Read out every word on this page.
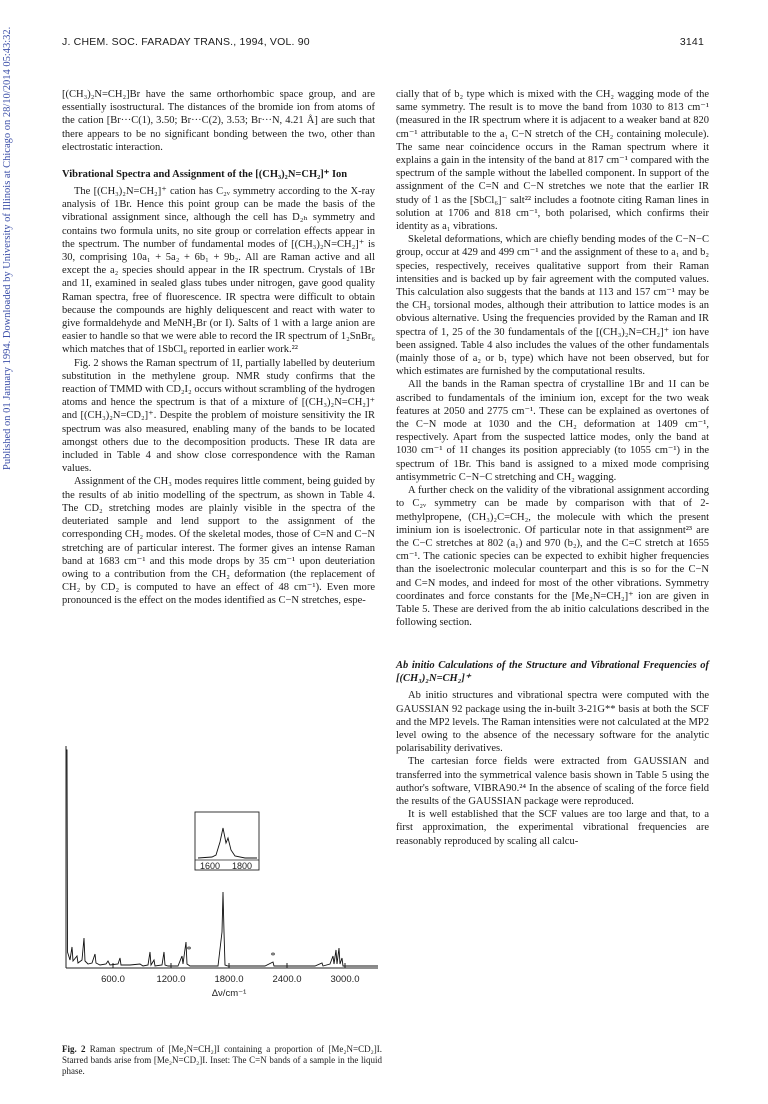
J. CHEM. SOC. FARADAY TRANS., 1994, VOL. 90	3141
Published on 01 January 1994. Downloaded by University of Illinois at Chicago on 28/10/2014 05:43:32.	[(CH₃)₂N=CH₂]Br have the same orthorhombic space group, and are essentially isostructural. The distances of the bromide ion from atoms of the cation [Br···C(1), 3.50; Br···C(2), 3.53; Br···N, 4.21 Å] are such that there appears to be no significant bonding between the two, other than electrostatic interaction.

Vibrational Spectra and Assignment of the [(CH₃)₂N=CH₂]⁺ Ion

The [(CH₃)₂N=CH₂]⁺ cation has C₂ᵥ symmetry according to the X-ray analysis of 1Br. Hence this point group can be made the basis of the vibrational assignment since, although the cell has D₂ₕ symmetry and contains two formula units, no site group or correlation effects appear in the spectrum. The number of fundamental modes of [(CH₃)₂N=CH₂]⁺ is 30, comprising 10a₁ + 5a₂ + 6b₁ + 9b₂. All are Raman active and all except the a₂ species should appear in the IR spectrum. Crystals of 1Br and 1I, examined in sealed glass tubes under nitrogen, gave good quality Raman spectra, free of fluorescence. IR spectra were difficult to obtain because the compounds are highly deliquescent and react with water to give formaldehyde and MeNH₂Br (or I). Salts of 1 with a large anion are easier to handle so that we were able to record the IR spectrum of 1₂SnBr₆ which matches that of 1SbCl₆ reported in earlier work.²²

Fig. 2 shows the Raman spectrum of 1I, partially labelled by deuterium substitution in the methylene group. NMR study confirms that the reaction of TMMD with CD₂I₂ occurs without scrambling of the hydrogen atoms and hence the spectrum is that of a mixture of [(CH₃)₂N=CH₂]⁺ and [(CH₃)₂N=CD₂]⁺. Despite the problem of moisture sensitivity the IR spectrum was also measured, enabling many of the bands to be located amongst others due to the decomposition products. These IR data are included in Table 4 and show close correspondence with the Raman values.

Assignment of the CH₃ modes requires little comment, being guided by the results of ab initio modelling of the spectrum, as shown in Table 4. The CD₂ stretching modes are plainly visible in the spectra of the deuteriated sample and lend support to the assignment of the corresponding CH₂ modes. Of the skeletal modes, those of C=N and C−N stretching are of particular interest. The former gives an intense Raman band at 1683 cm⁻¹ and this mode drops by 35 cm⁻¹ upon deuteriation owing to a contribution from the CH₂ deformation (the replacement of CH₂ by CD₂ is computed to have an effect of 48 cm⁻¹). Even more pronounced is the effect on the modes identified as C−N stretches, espe-

cially that of b₂ type which is mixed with the CH₂ wagging mode of the same symmetry. The result is to move the band from 1030 to 813 cm⁻¹ (measured in the IR spectrum where it is adjacent to a weaker band at 820 cm⁻¹ attributable to the a₁ C−N stretch of the CH₂ containing molecule). The same near coincidence occurs in the Raman spectrum where it explains a gain in the intensity of the band at 817 cm⁻¹ compared with the spectrum of the sample without the labelled component. In support of the assignment of the C=N and C−N stretches we note that the earlier IR study of 1 as the [SbCl₆]⁻ salt²² includes a footnote citing Raman lines in solution at 1706 and 818 cm⁻¹, both polarised, which confirms their identity as a₁ vibrations.

Skeletal deformations, which are chiefly bending modes of the C−N−C group, occur at 429 and 499 cm⁻¹ and the assignment of these to a₁ and b₂ species, respectively, receives qualitative support from their Raman intensities and is backed up by fair agreement with the computed values. This calculation also suggests that the bands at 113 and 157 cm⁻¹ may be the CH₃ torsional modes, although their attribution to lattice modes is an obvious alternative. Using the frequencies provided by the Raman and IR spectra of 1, 25 of the 30 fundamentals of the [(CH₃)₂N=CH₂]⁺ ion have been assigned. Table 4 also includes the values of the other fundamentals (mainly those of a₂ or b₁ type) which have not been observed, but for which estimates are furnished by the computational results.

All the bands in the Raman spectra of crystalline 1Br and 1I can be ascribed to fundamentals of the iminium ion, except for the two weak features at 2050 and 2775 cm⁻¹. These can be explained as overtones of the C−N mode at 1030 and the CH₂ deformation at 1409 cm⁻¹, respectively. Apart from the suspected lattice modes, only the band at 1030 cm⁻¹ of 1I changes its position appreciably (to 1055 cm⁻¹) in the spectrum of 1Br. This band is assigned to a mixed mode comprising antisymmetric C−N−C stretching and CH₂ wagging.

A further check on the validity of the vibrational assignment according to C₂ᵥ symmetry can be made by comparison with that of 2-methylpropene, (CH₃)₂C=CH₂, the molecule with which the present iminium ion is isoelectronic. Of particular note in that assignment²³ are the C−C stretches at 802 (a₁) and 970 (b₂), and the C=C stretch at 1655 cm⁻¹. The cationic species can be expected to exhibit higher frequencies than the isoelectronic molecular counterpart and this is so for the C−N and C=N modes, and indeed for most of the other vibrations. Symmetry coordinates and force constants for the [Me₂N=CH₂]⁺ ion are given in Table 5. These are derived from the ab initio calculations described in the following section.

Ab initio Calculations of the Structure and Vibrational Frequencies of [(CH₃)₂N=CH₂]⁺

Ab initio structures and vibrational spectra were computed with the GAUSSIAN 92 package using the in-built 3-21G** basis at both the SCF and the MP2 levels. The Raman intensities were not calculated at the MP2 level owing to the absence of the necessary software for the analytic polarisability derivatives.

The cartesian force fields were extracted from GAUSSIAN and transferred into the symmetrical valence basis shown in Table 5 using the author's software, VIBRA90.²⁴ In the absence of scaling of the force field the results of the GAUSSIAN package were reproduced.

It is well established that the SCF values are too large and that, to a first approximation, the experimental vibrational frequencies are reasonably reproduced by scaling all calcu-

600.0	1200.0	1800.0	2400.0	3000.0
Δν/cm⁻¹
*
*
1600 1800
Fig. 2 Raman spectrum of [Me₂N=CH₂]I containing a proportion of [Me₂N=CD₂]I. Starred bands arise from [Me₂N=CD₂]I. Inset: The C=N bands of a sample in the liquid phase.
